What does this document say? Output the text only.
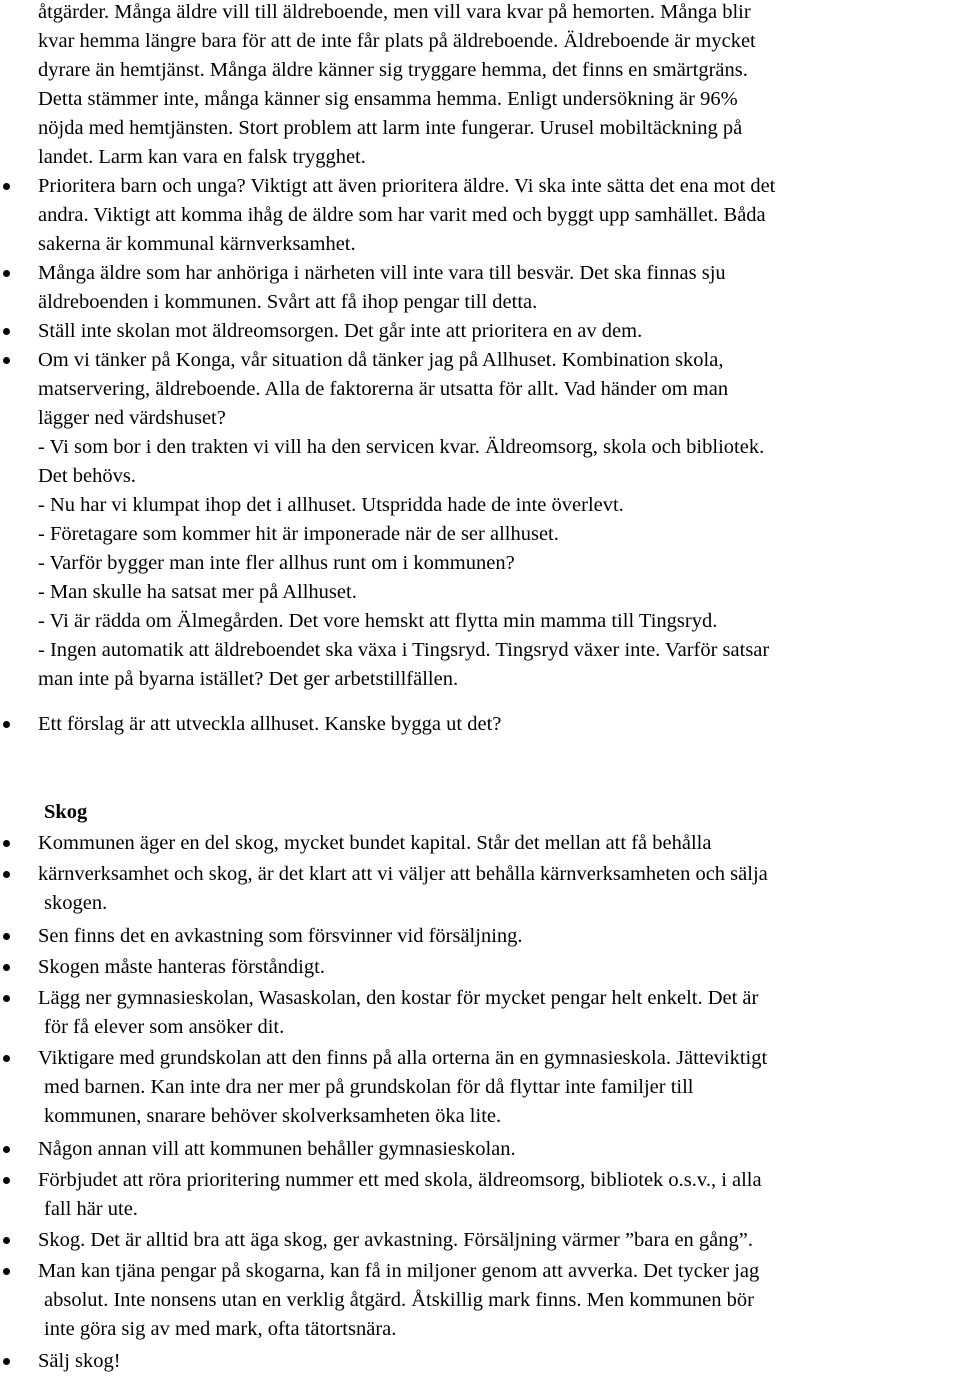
åtgärder. Många äldre vill till äldreboende, men vill vara kvar på hemorten. Många blir
kvar hemma längre bara för att de inte får plats på äldreboende. Äldreboende är mycket
dyrare än hemtjänst. Många äldre känner sig tryggare hemma, det finns en smärtgräns.
Detta stämmer inte, många känner sig ensamma hemma. Enligt undersökning är 96%
nöjda med hemtjänsten. Stort problem att larm inte fungerar. Urusel mobiltäckning på
landet. Larm kan vara en falsk trygghet.
Prioritera barn och unga? Viktigt att även prioritera äldre. Vi ska inte sätta det ena mot det
andra. Viktigt att komma ihåg de äldre som har varit med och byggt upp samhället. Båda
sakerna är kommunal kärnverksamhet.
Många äldre som har anhöriga i närheten vill inte vara till besvär. Det ska finnas sju
äldreboenden i kommunen. Svårt att få ihop pengar till detta.
Ställ inte skolan mot äldreomsorgen. Det går inte att prioritera en av dem.
Om vi tänker på Konga, vår situation då tänker jag på Allhuset. Kombination skola,
matservering, äldreboende. Alla de faktorerna är utsatta för allt. Vad händer om man
lägger ned värdshuset?
- Vi som bor i den trakten vi vill ha den servicen kvar. Äldreomsorg, skola och bibliotek.
Det behövs.
- Nu har vi klumpat ihop det i allhuset. Utspridda hade de inte överlevt.
- Företagare som kommer hit är imponerade när de ser allhuset.
- Varför bygger man inte fler allhus runt om i kommunen?
- Man skulle ha satsat mer på Allhuset.
- Vi är rädda om Älmegården. Det vore hemskt att flytta min mamma till Tingsryd.
- Ingen automatik att äldreboendet ska växa i Tingsryd. Tingsryd växer inte. Varför satsar
man inte på byarna istället? Det ger arbetstillfällen.
Ett förslag är att utveckla allhuset. Kanske bygga ut det?
Skog
Kommunen äger en del skog, mycket bundet kapital. Står det mellan att få behålla
kärnverksamhet och skog, är det klart att vi väljer att behålla kärnverksamheten och sälja
skogen.
Sen finns det en avkastning som försvinner vid försäljning.
Skogen måste hanteras förståndigt.
Lägg ner gymnasieskolan, Wasaskolan, den kostar för mycket pengar helt enkelt. Det är
för få elever som ansöker dit.
Viktigare med grundskolan att den finns på alla orterna än en gymnasieskola. Jätteviktigt
med barnen. Kan inte dra ner mer på grundskolan för då flyttar inte familjer till
kommunen, snarare behöver skolverksamheten öka lite.
Någon annan vill att kommunen behåller gymnasieskolan.
Förbjudet att röra prioritering nummer ett med skola, äldreomsorg, bibliotek o.s.v., i alla
fall här ute.
Skog. Det är alltid bra att äga skog, ger avkastning. Försäljning värmer ”bara en gång”.
Man kan tjäna pengar på skogarna, kan få in miljoner genom att avverka. Det tycker jag
absolut. Inte nonsens utan en verklig åtgärd. Åtskillig mark finns. Men kommunen bör
inte göra sig av med mark, ofta tätortsnära.
Sälj skog!
